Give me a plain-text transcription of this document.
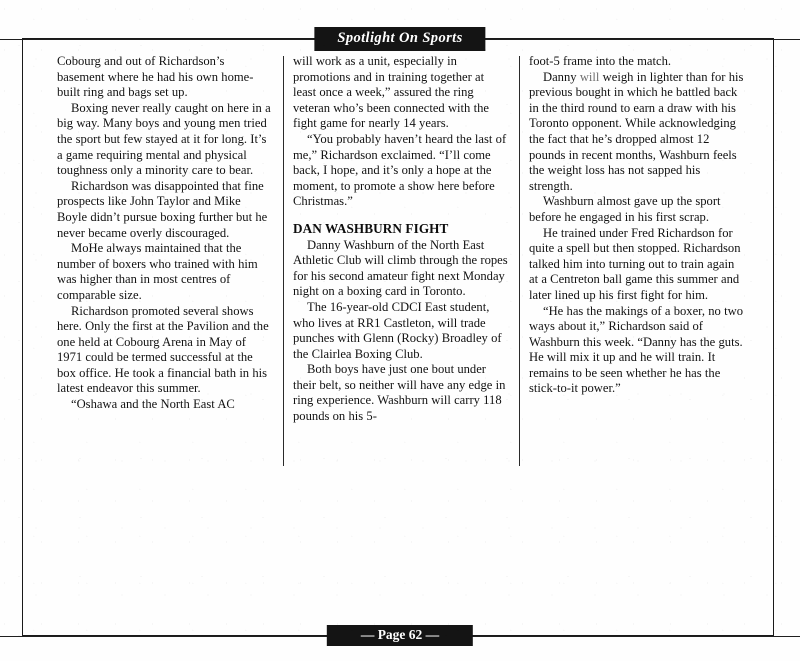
Spotlight On Sports

Cobourg and out of Richardson’s basement where he had his own home-built ring and bags set up.

Boxing never really caught on here in a big way. Many boys and young men tried the sport but few stayed at it for long. It’s a game requiring mental and physical toughness only a minority care to bear.

Richardson was disappointed that fine prospects like John Taylor and Mike Boyle didn’t pursue boxing further but he never became overly discouraged.

MoHe always maintained that the number of boxers who trained with him was higher than in most centres of comparable size.

Richardson promoted several shows here. Only the first at the Pavilion and the one held at Cobourg Arena in May of 1971 could be termed successful at the box office. He took a financial bath in his latest endeavor this summer.

“Oshawa and the North East AC

will work as a unit, especially in promotions and in training together at least once a week,” assured the ring veteran who’s been connected with the fight game for nearly 14 years.

“You probably haven’t heard the last of me,” Richardson exclaimed. “I’ll come back, I hope, and it’s only a hope at the moment, to promote a show here before Christmas.”

DAN WASHBURN FIGHT

Danny Washburn of the North East Athletic Club will climb through the ropes for his second amateur fight next Monday night on a boxing card in Toronto.

The 16-year-old CDCI East student, who lives at RR1 Castleton, will trade punches with Glenn (Rocky) Broadley of the Clairlea Boxing Club.

Both boys have just one bout under their belt, so neither will have any edge in ring experience. Washburn will carry 118 pounds on his 5-

foot-5 frame into the match.

Danny will weigh in lighter than for his previous bought in which he battled back in the third round to earn a draw with his Toronto opponent. While acknowledging the fact that he’s dropped almost 12 pounds in recent months, Washburn feels the weight loss has not sapped his strength.

Washburn almost gave up the sport before he engaged in his first scrap.

He trained under Fred Richardson for quite a spell but then stopped. Richardson talked him into turning out to train again at a Centreton ball game this summer and later lined up his first fight for him.

“He has the makings of a boxer, no two ways about it,” Richardson said of Washburn this week. “Danny has the guts. He will mix it up and he will train. It remains to be seen whether he has the stick-to-it power.”

— Page 62 —
